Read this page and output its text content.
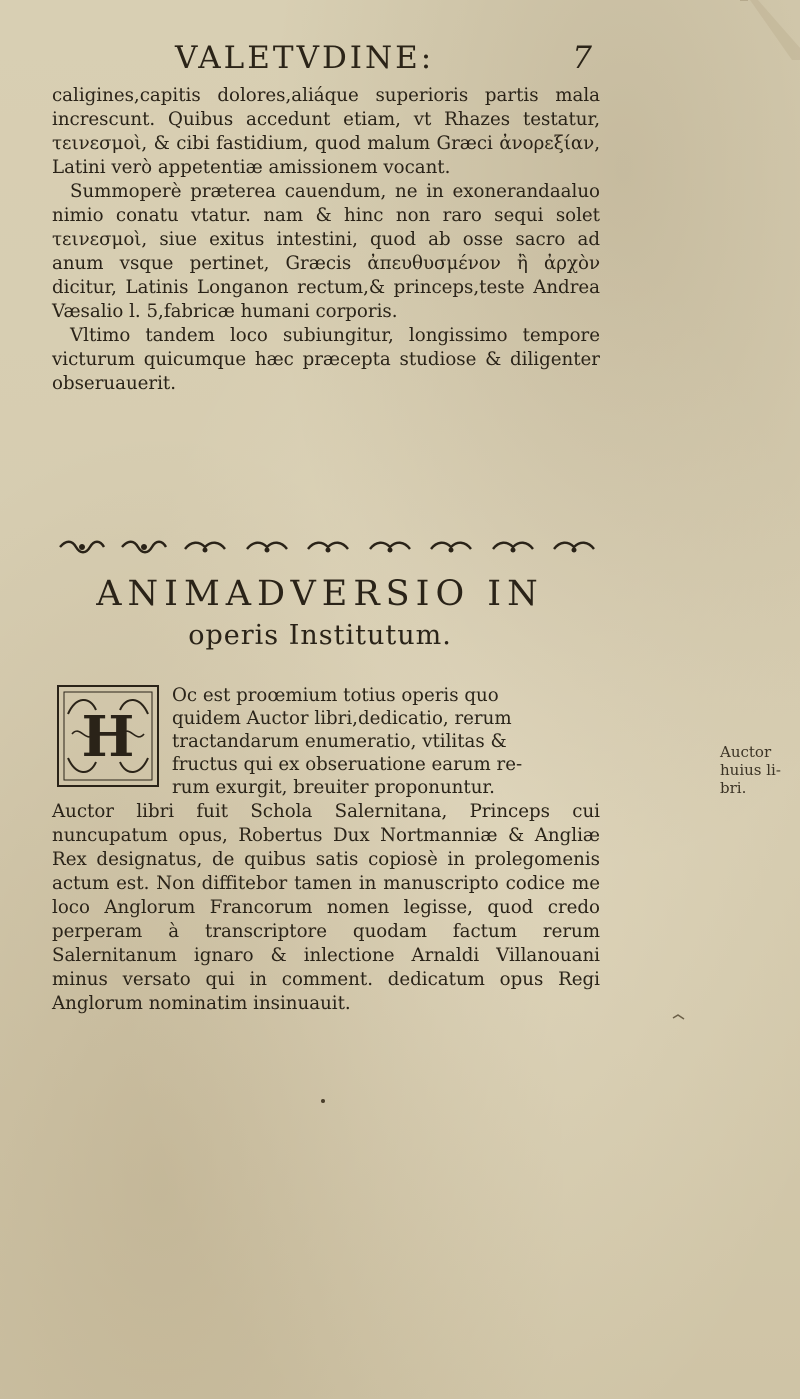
VALETVDINE:	7

caligines,capitis dolores,aliáque superioris partis mala increscunt. Quibus accedunt etiam, vt Rhazes testatur, τεινεσμοὶ, & cibi fastidium, quod malum Græci ἀνορεξίαν, Latini verò appetentiæ amissionem vocant.

Summoperè præterea cauendum, ne in exonerandaaluo nimio conatu vtatur. nam & hinc non raro sequi solet τεινεσμοὶ, siue exitus intestini, quod ab osse sacro ad anum vsque pertinet, Græcis ἀπευθυσμένον ἢ ἀρχὸν dicitur, Latinis Longanon rectum,& princeps,teste Andrea Væsalio l. 5,fabricæ humani corporis.

Vltimo tandem loco subiungitur, longissimo tempore victurum quicumque hæc præcepta studiose & diligenter obseruauerit.

ANIMADVERSIO IN
operis Institutum.
H

Oc est proœmium totius operis quo

quidem Auctor libri,dedicatio, rerum

tractandarum enumeratio, vtilitas &

fructus qui ex obseruatione earum re-

rum exurgit, breuiter proponuntur.

Auctor libri fuit Schola Salernitana, Princeps cui nuncupatum opus, Robertus Dux Nortmanniæ & Angliæ Rex designatus, de quibus satis copiosè in prolegomenis actum est. Non diffitebor tamen in manuscripto codice me loco Anglorum Francorum nomen legisse, quod credo perperam à transcriptore quodam factum rerum Salernitanum ignaro & inlectione Arnaldi Villanouani minus versato qui in comment. dedicatum opus Regi Anglorum nominatim insinuauit.

Auctor

huius li-

bri.
